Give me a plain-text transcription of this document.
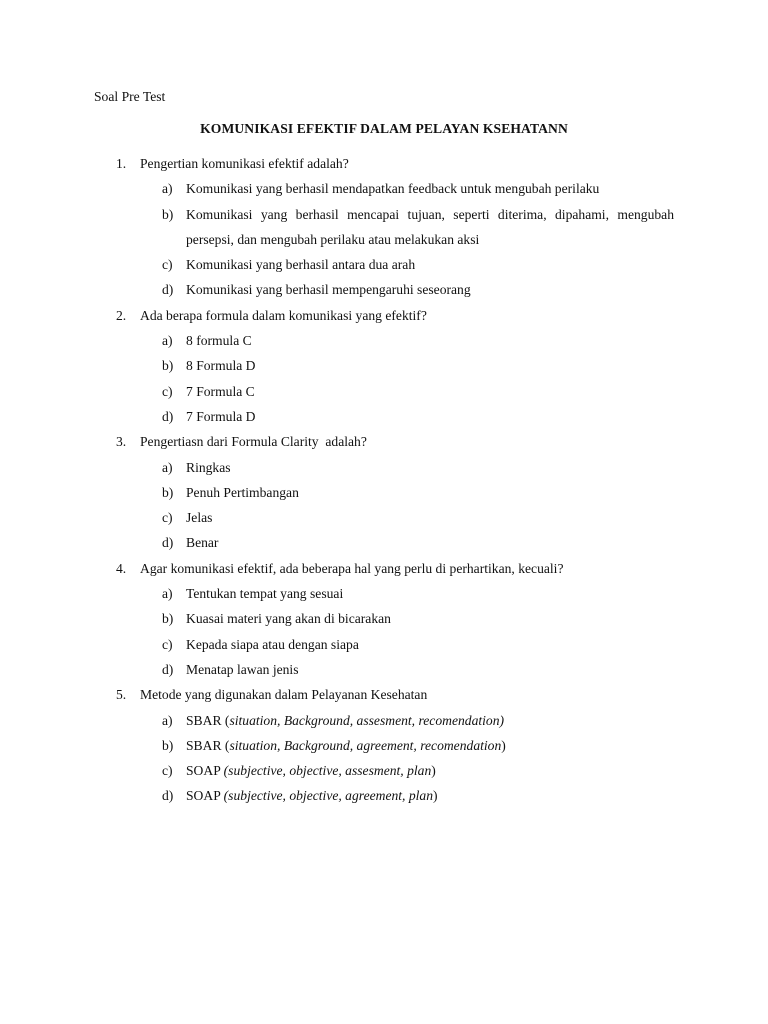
Soal Pre Test
KOMUNIKASI EFEKTIF DALAM PELAYAN KSEHATANN
1. Pengertian komunikasi efektif adalah?
a) Komunikasi yang berhasil mendapatkan feedback untuk mengubah perilaku
b) Komunikasi yang berhasil mencapai tujuan, seperti diterima, dipahami, mengubah persepsi, dan mengubah perilaku atau melakukan aksi
c) Komunikasi yang berhasil antara dua arah
d) Komunikasi yang berhasil mempengaruhi seseorang
2. Ada berapa formula dalam komunikasi yang efektif?
a) 8 formula C
b) 8 Formula D
c) 7 Formula C
d) 7 Formula D
3. Pengertiasn dari Formula Clarity  adalah?
a) Ringkas
b) Penuh Pertimbangan
c) Jelas
d) Benar
4. Agar komunikasi efektif, ada beberapa hal yang perlu di perhartikan, kecuali?
a) Tentukan tempat yang sesuai
b) Kuasai materi yang akan di bicarakan
c) Kepada siapa atau dengan siapa
d) Menatap lawan jenis
5. Metode yang digunakan dalam Pelayanan Kesehatan
a) SBAR (situation, Background, assesment, recomendation)
b) SBAR (situation, Background, agreement, recomendation)
c) SOAP (subjective, objective, assesment, plan)
d) SOAP (subjective, objective, agreement, plan)
